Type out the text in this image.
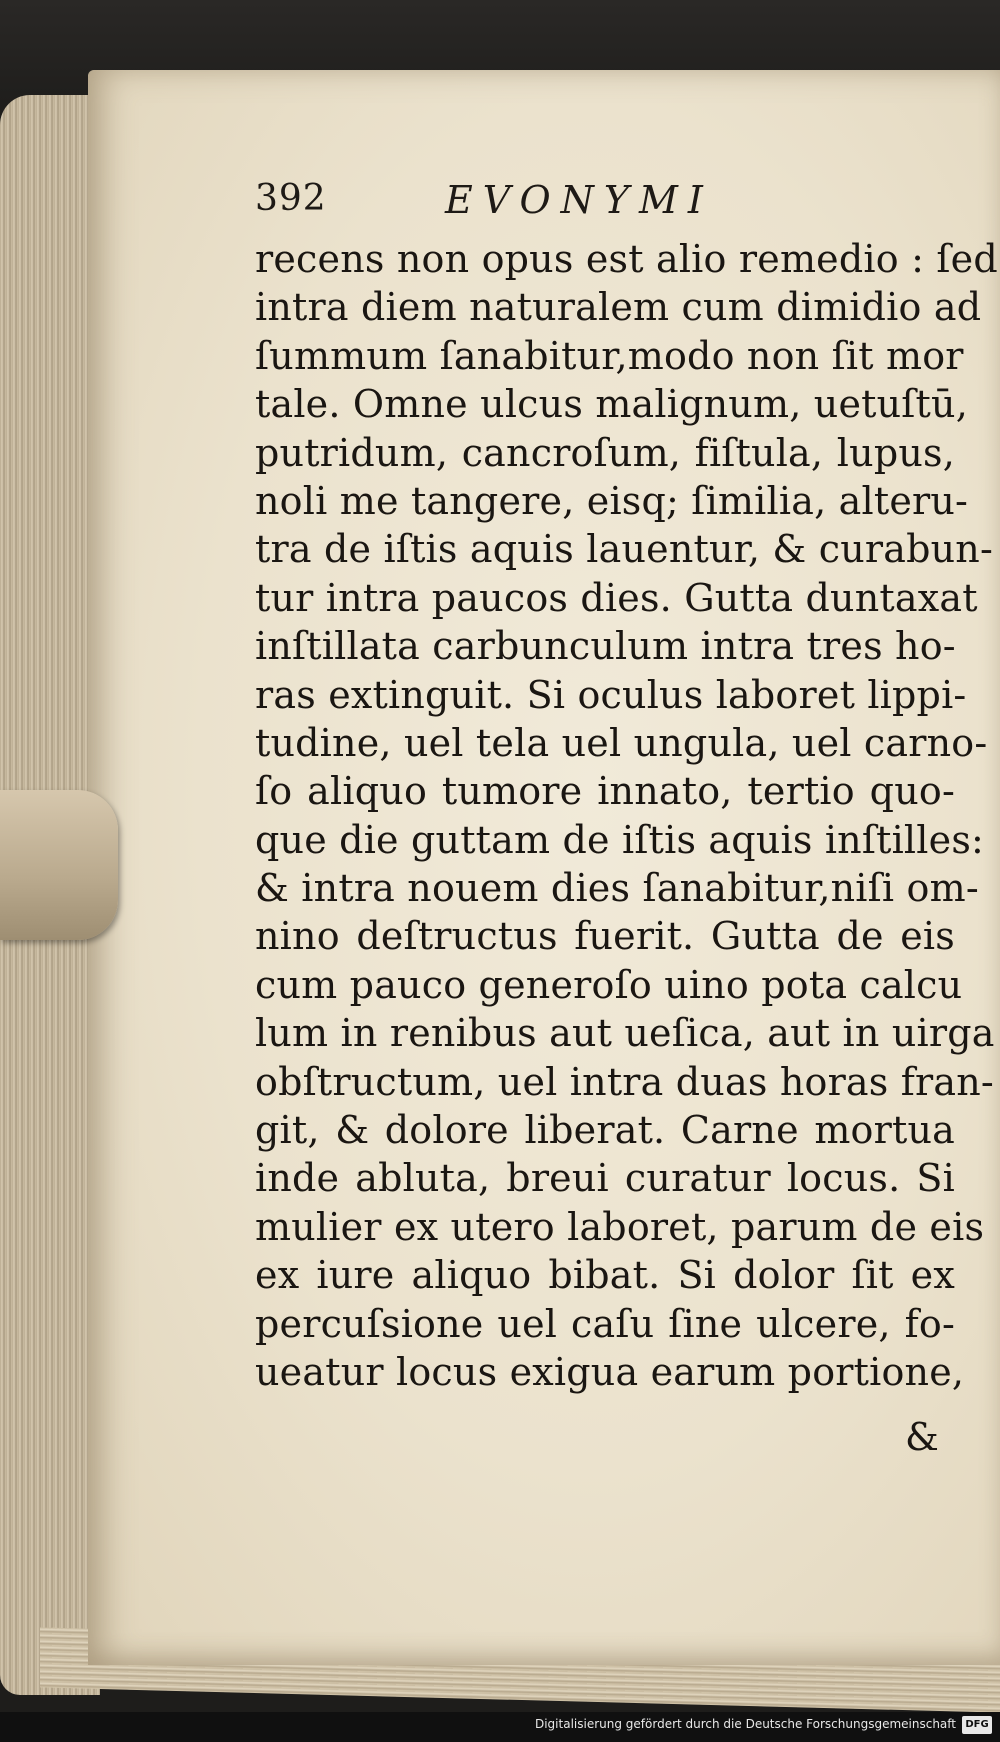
392	EVONYMI
recens non opus est alio remedio : ſed
intra diem naturalem cum dimidio ad
ſummum ſanabitur,modo non ſit mor
tale. Omne ulcus malignum, uetuſtū,
putridum, cancroſum, fiſtula, lupus,
noli me tangere, eisq; ſimilia, alteru-
tra de iſtis aquis lauentur, & curabun-
tur intra paucos dies. Gutta duntaxat
inſtillata carbunculum intra tres ho-
ras extinguit. Si oculus laboret lippi-
tudine, uel tela uel ungula, uel carno-
ſo aliquo tumore innato, tertio quo-
que die guttam de iſtis aquis inſtilles:
& intra nouem dies ſanabitur,niſi om-
nino deſtructus fuerit. Gutta de eis
cum pauco generoſo uino pota calcu
lum in renibus aut ueſica, aut in uirga
obſtructum, uel intra duas horas fran-
git, & dolore liberat. Carne mortua
inde abluta, breui curatur locus. Si
mulier ex utero laboret, parum de eis
ex iure aliquo bibat. Si dolor ſit ex
percuſsione uel caſu ſine ulcere, fo-
ueatur locus exigua earum portione,
&
Digitalisierung gefördert durch die Deutsche Forschungsgemeinschaft DFG
